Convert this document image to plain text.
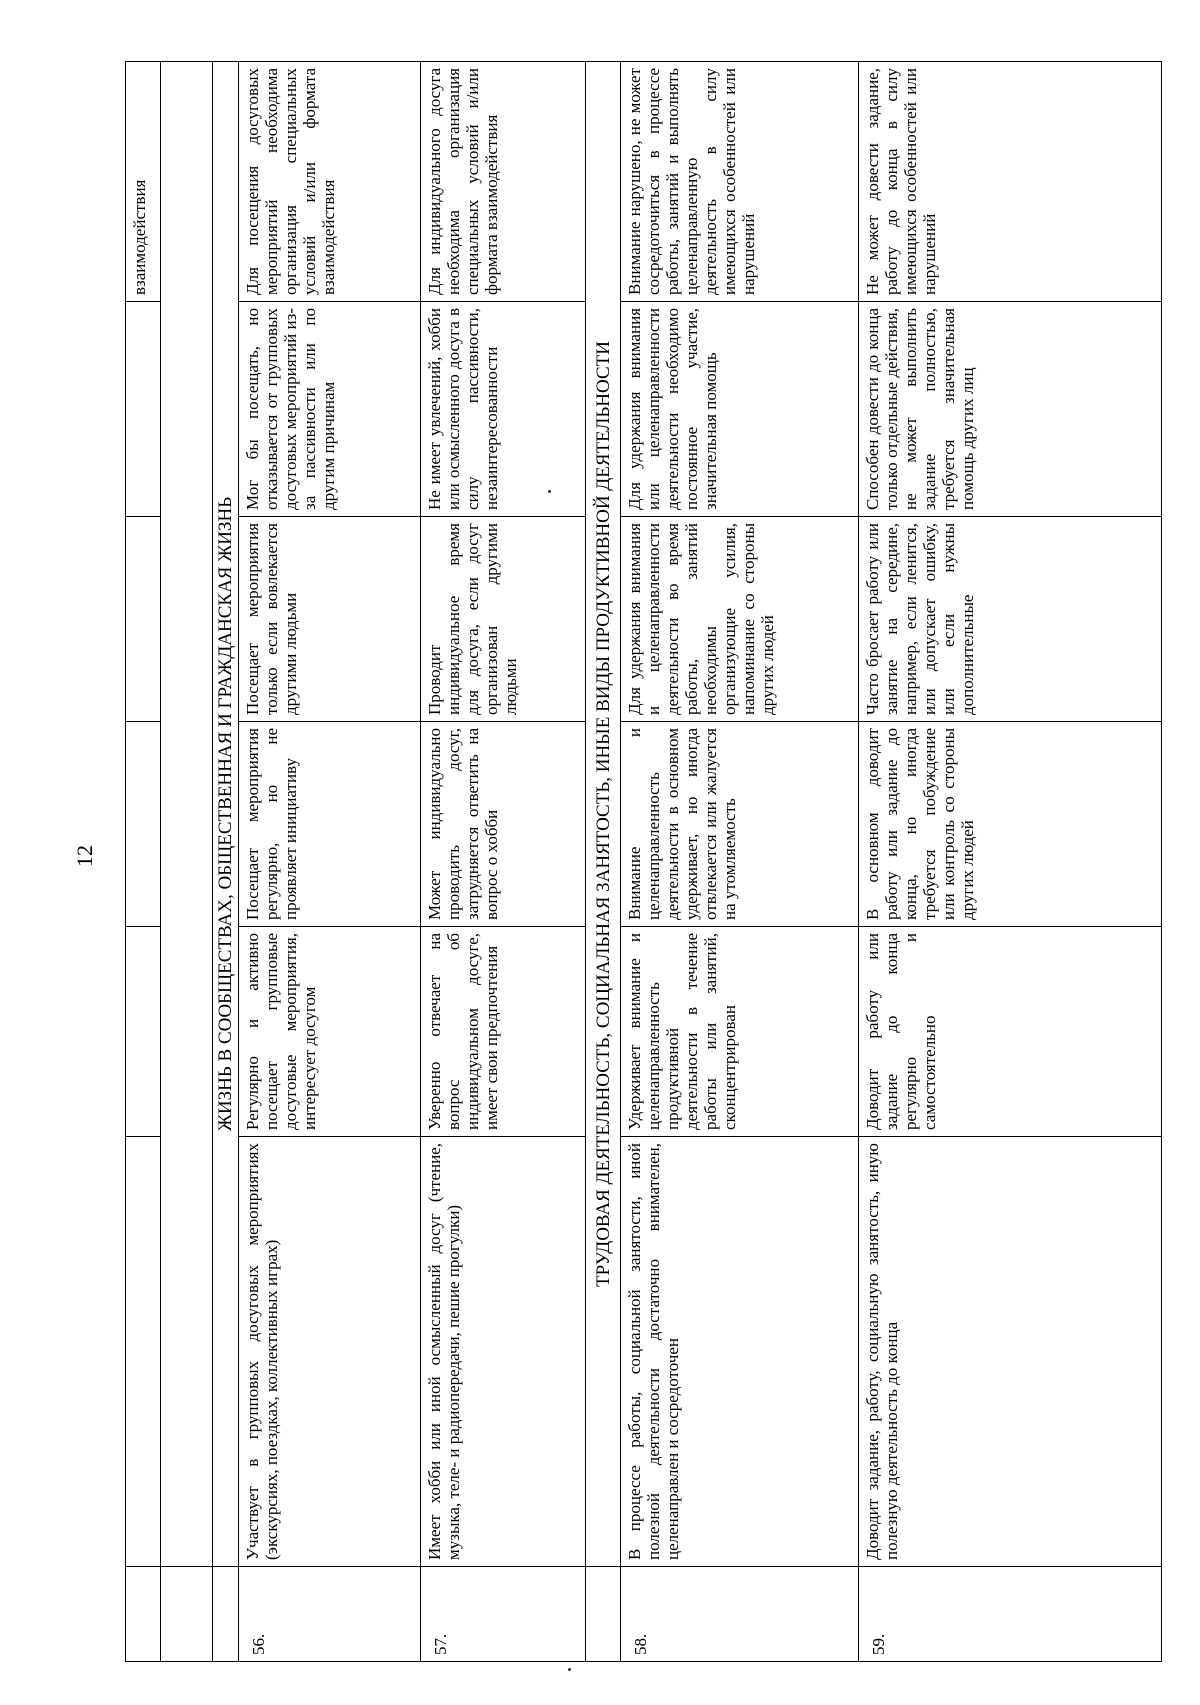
12
						взаимодействия

	ЖИЗНЬ В СООБЩЕСТВАХ, ОБЩЕСТВЕННАЯ И ГРАЖДАНСКАЯ ЖИЗНЬ					
56.	Участвует в групповых досуговых мероприятиях (экскурсиях, поездках, коллективных играх)	Регулярно и активно посещает групповые досуговые мероприятия, интересует досугом	Посещает мероприятия регулярно, но не проявляет инициативу	Посещает мероприятия только если вовлекается другими людьми	Мог бы посещать, но отказывается от групповых досуговых мероприятий из-за пассивности или по другим причинам	Для посещения досуговых мероприятий необходима организация специальных условий и/или формата взаимодействия
57.	Имеет хобби или иной осмысленный досуг (чтение, музыка, теле- и радиопередачи, пешие прогулки)	Уверенно отвечает на вопрос об индивидуальном досуге, имеет свои предпочтения	Может индивидуально проводить досуг, затрудняется ответить на вопрос о хобби	Проводит индивидуальное время для досуга, если досуг организован другими людьми	Не имеет увлечений, хобби или осмысленного досуга в силу пассивности, незаинтересованности	Для индивидуального досуга необходима организация специальных условий и/или формата взаимодействия
	ТРУДОВАЯ ДЕЯТЕЛЬНОСТЬ, СОЦИАЛЬНАЯ ЗАНЯТОСТЬ, ИНЫЕ ВИДЫ ПРОДУКТИВНОЙ ДЕЯТЕЛЬНОСТИ					
58.	В процессе работы, социальной занятости, иной полезной деятельности достаточно внимателен, целенаправлен и сосредоточен	Удерживает внимание и целенаправленность продуктивной деятельности в течение работы или занятий, сконцентрирован	Внимание и целенаправленность деятельности в основном удерживает, но иногда отвлекается или жалуется на утомляемость	Для удержания внимания и целенаправленности деятельности во время работы, занятий необходимы организующие усилия, напоминание со стороны других людей	Для удержания внимания или целенаправленности деятельности необходимо постоянное участие, значительная помощь	Внимание нарушено, не может сосредоточиться в процессе работы, занятий и выполнять целенаправленную деятельность в силу имеющихся особенностей или нарушений
59.	Доводит задание, работу, социальную занятость, иную полезную деятельность до конца	Доводит работу или задание до конца регулярно и самостоятельно	В основном доводит работу или задание до конца, но иногда требуется побуждение или контроль со стороны других людей	Часто бросает работу или занятие на середине, например, если ленится, или допускает ошибку, или если нужны дополнительные	Способен довести до конца только отдельные действия, не может выполнить задание полностью, требуется значительная помощь других лиц	Не может довести задание, работу до конца в силу имеющихся особенностей или нарушений
